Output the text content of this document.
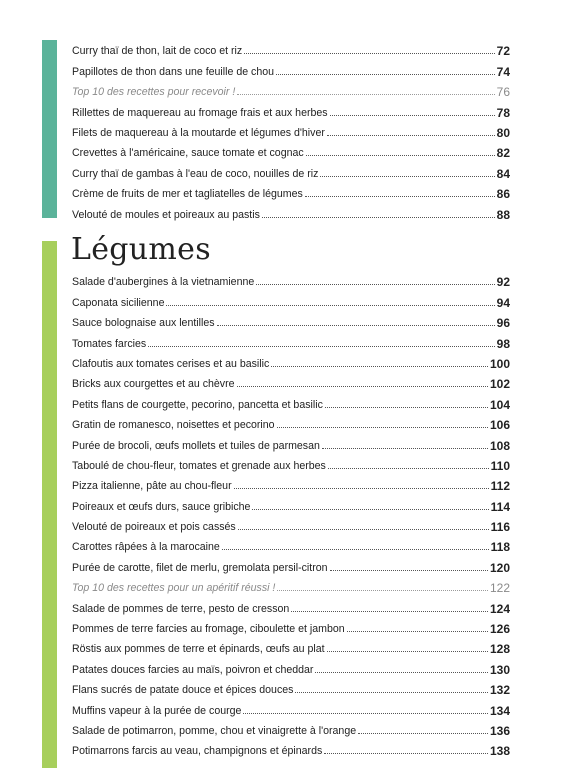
Curry thaï de thon, lait de coco et riz	72
Papillotes de thon dans une feuille de chou	74
Top 10 des recettes pour recevoir !	76
Rillettes de maquereau au fromage frais et aux herbes	78
Filets de maquereau à la moutarde et légumes d'hiver	80
Crevettes à l'américaine, sauce tomate et cognac	82
Curry thaï de gambas à l'eau de coco, nouilles de riz	84
Crème de fruits de mer et tagliatelles de légumes	86
Velouté de moules et poireaux au pastis	88
Légumes
Salade d'aubergines à la vietnamienne	92
Caponata sicilienne	94
Sauce bolognaise aux lentilles	96
Tomates farcies	98
Clafoutis aux tomates cerises et au basilic	100
Bricks aux courgettes et au chèvre	102
Petits flans de courgette, pecorino, pancetta et basilic	104
Gratin de romanesco, noisettes et pecorino	106
Purée de brocoli, œufs mollets et tuiles de parmesan	108
Taboulé de chou-fleur, tomates et grenade aux herbes	110
Pizza italienne, pâte au chou-fleur	112
Poireaux et œufs durs, sauce gribiche	114
Velouté de poireaux et pois cassés	116
Carottes râpées à la marocaine	118
Purée de carotte, filet de merlu, gremolata persil-citron	120
Top 10 des recettes pour un apéritif réussi !	122
Salade de pommes de terre, pesto de cresson	124
Pommes de terre farcies au fromage, ciboulette et jambon	126
Röstis aux pommes de terre et épinards, œufs au plat	128
Patates douces farcies au maïs, poivron et cheddar	130
Flans sucrés de patate douce et épices douces	132
Muffins vapeur à la purée de courge	134
Salade de potimarron, pomme, chou et vinaigrette à l'orange	136
Potimarrons farcis au veau, champignons et épinards	138
